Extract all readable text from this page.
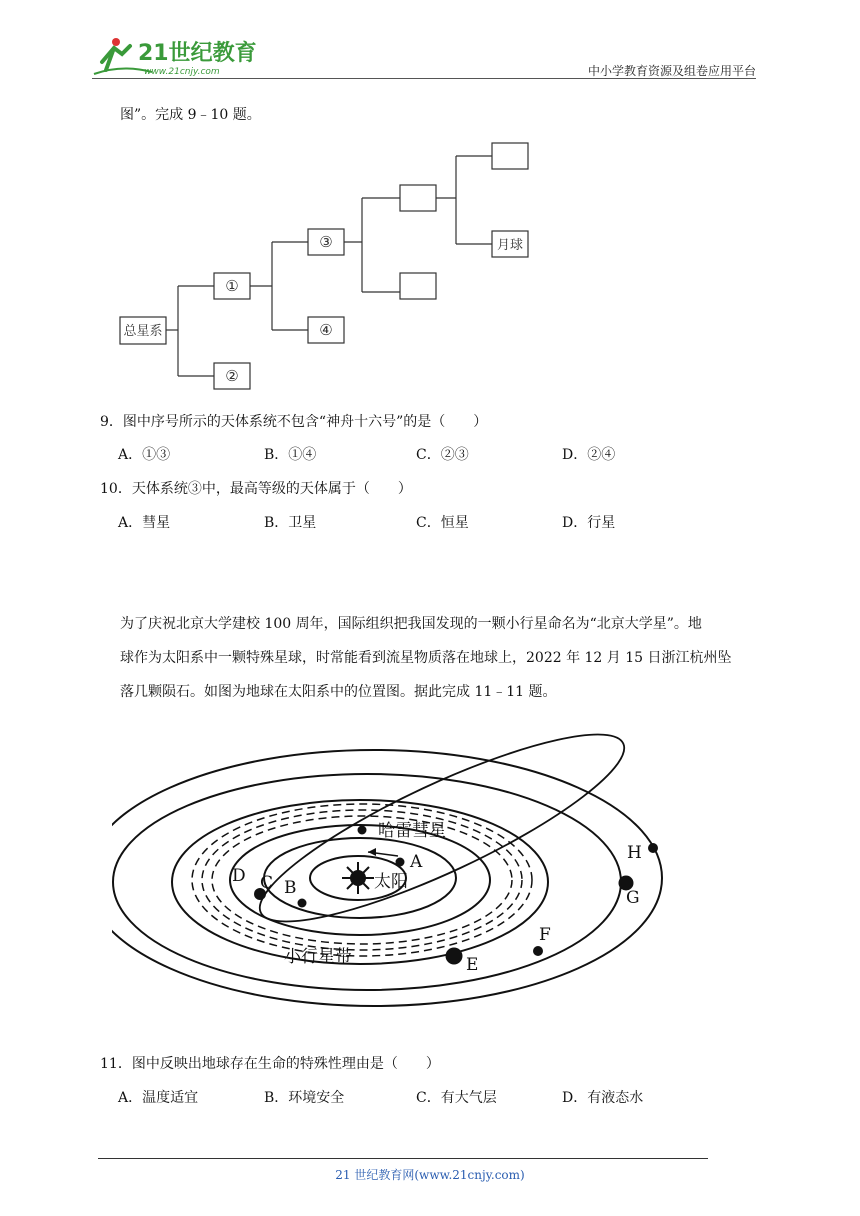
21世纪教育
www.21cnjy.com	中小学教育资源及组卷应用平台
图”。完成 9﹣10 题。
总星系
①
②
③
④
月球
9．图中序号所示的天体系统不包含“神舟十六号”的是（　　）
A．①③	B．①④	C．②③	D．②④
10．天体系统③中，最高等级的天体属于（　　）
A．彗星	B．卫星	C．恒星	D．行星
为了庆祝北京大学建校 100 周年，国际组织把我国发现的一颗小行星命名为“北京大学星”。地
球作为太阳系中一颗特殊星球，时常能看到流星物质落在地球上，2022 年 12 月 15 日浙江杭州坠
落几颗陨石。如图为地球在太阳系中的位置图。据此完成 11﹣11 题。
太阳
哈雷彗星
小行星带
A
B
C
D
E
F
G
H
11．图中反映出地球存在生命的特殊性理由是（　　）
A．温度适宜	B．环境安全	C．有大气层	D．有液态水
21 世纪教育网(www.21cnjy.com)
